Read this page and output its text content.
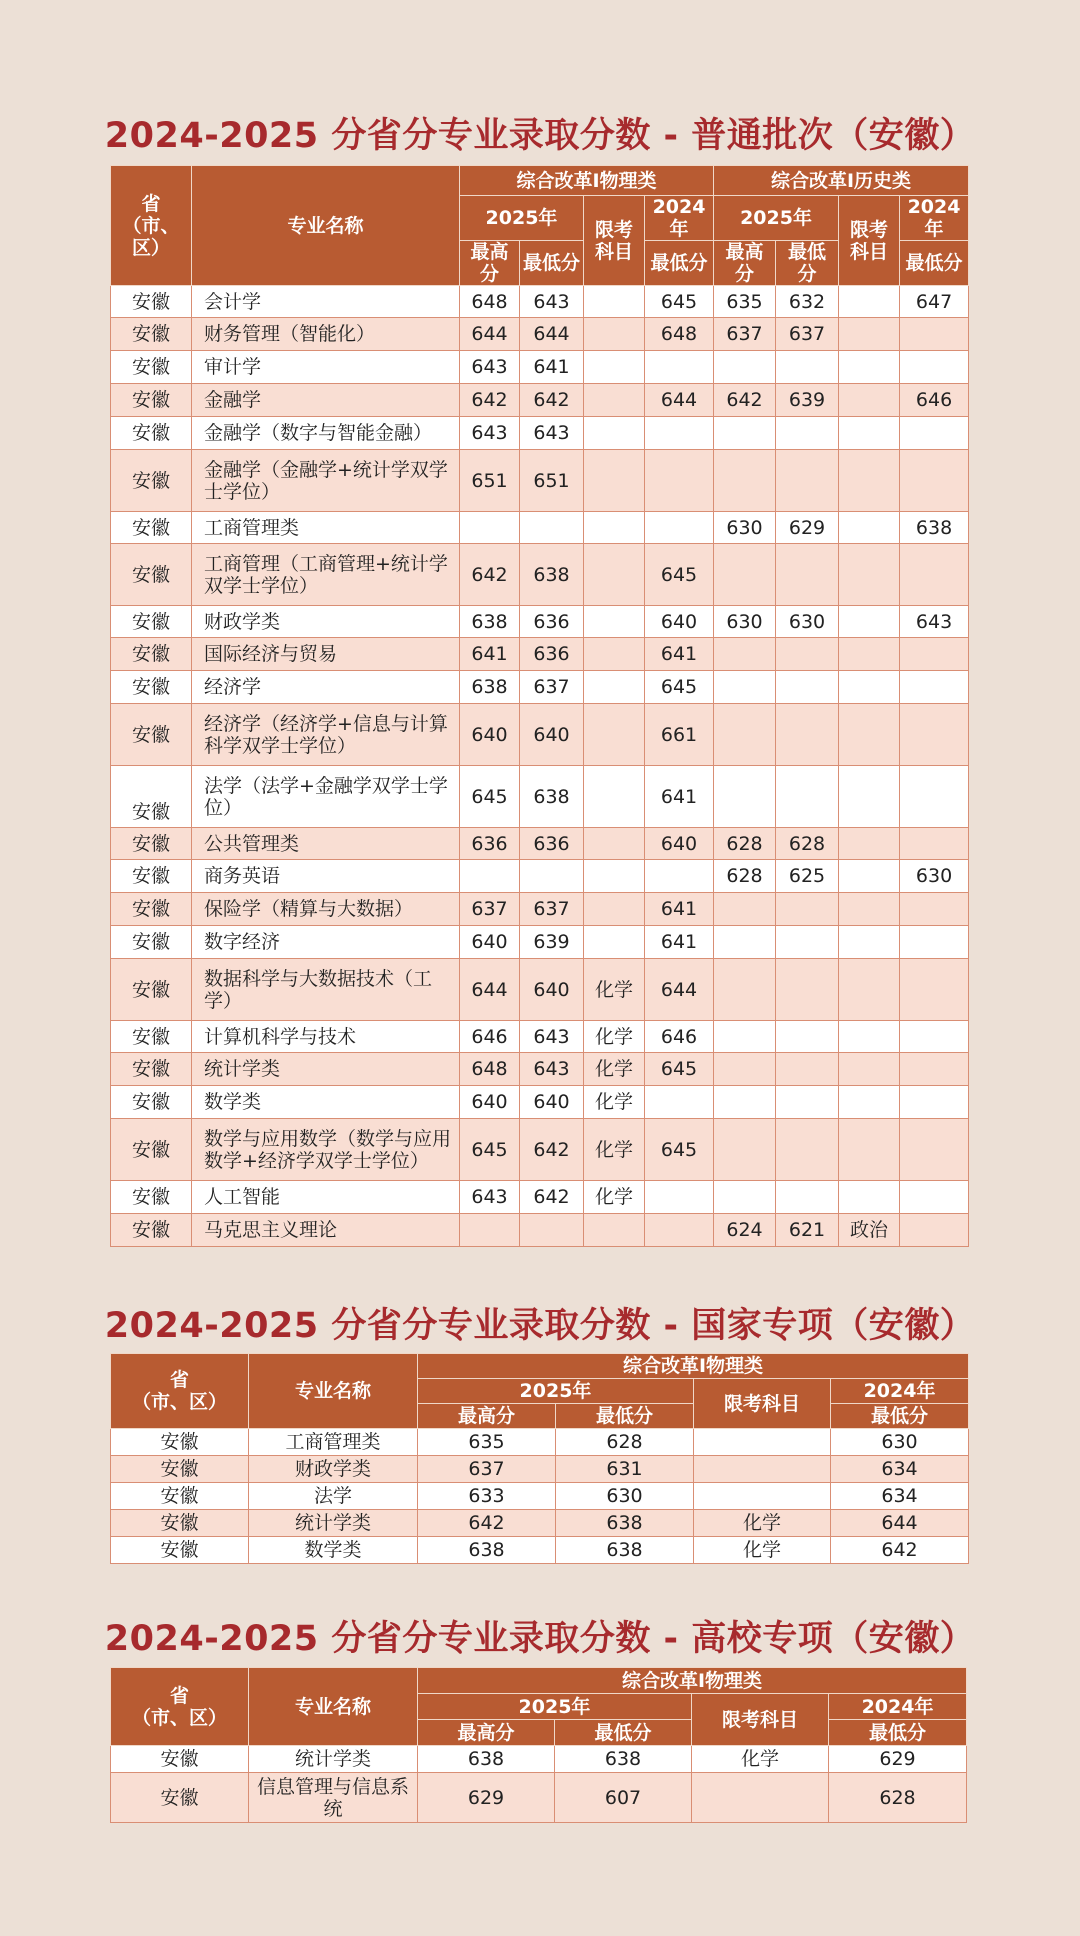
2024-2025 分省分专业录取分数 - 普通批次（安徽）
省
（市、区）	专业名称	综合改革I物理类				综合改革I历史类			
		2025年		限考
科目	2024年	2025年		限考
科目	2024年
		最高分	最低分		最低分	最高分	最低分		最低分
安徽	会计学	648	643		645	635	632		647
安徽	财务管理（智能化）	644	644		648	637	637		
安徽	审计学	643	641						
安徽	金融学	642	642		644	642	639		646
安徽	金融学（数字与智能金融）	643	643						
安徽	金融学（金融学+统计学双学士学位）	651	651						
安徽	工商管理类					630	629		638
安徽	工商管理（工商管理+统计学双学士学位）	642	638		645				
安徽	财政学类	638	636		640	630	630		643
安徽	国际经济与贸易	641	636		641				
安徽	经济学	638	637		645				
安徽	经济学（经济学+信息与计算科学双学士学位）	640	640		661				
安徽	法学（法学+金融学双学士学位）	645	638		641				
安徽	公共管理类	636	636		640	628	628		
安徽	商务英语					628	625		630
安徽	保险学（精算与大数据）	637	637		641				
安徽	数字经济	640	639		641				
安徽	数据科学与大数据技术（工学）	644	640	化学	644				
安徽	计算机科学与技术	646	643	化学	646				
安徽	统计学类	648	643	化学	645				
安徽	数学类	640	640	化学					
安徽	数学与应用数学（数学与应用数学+经济学双学士学位）	645	642	化学	645				
安徽	人工智能	643	642	化学					
安徽	马克思主义理论					624	621	政治	
2024-2025 分省分专业录取分数 - 国家专项（安徽）
省
（市、区）	专业名称	综合改革I物理类			
		2025年		限考科目	2024年
		最高分	最低分		最低分
安徽	工商管理类	635	628		630
安徽	财政学类	637	631		634
安徽	法学	633	630		634
安徽	统计学类	642	638	化学	644
安徽	数学类	638	638	化学	642
2024-2025 分省分专业录取分数 - 高校专项（安徽）
省
（市、区）	专业名称	综合改革I物理类			
		2025年		限考科目	2024年
		最高分	最低分		最低分
安徽	统计学类	638	638	化学	629
安徽	信息管理与信息系统	629	607		628
